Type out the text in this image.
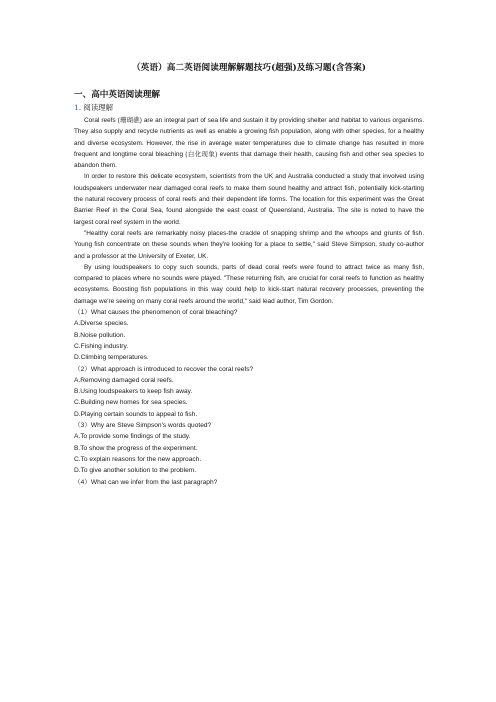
（英语）高二英语阅读理解解题技巧(超强)及练习题(含答案)
一、高中英语阅读理解
1. 阅读理解

Coral reefs (珊瑚礁) are an integral part of sea life and sustain it by providing shelter and habitat to various organisms. They also supply and recycle nutrients as well as enable a growing fish population, along with other species, for a healthy and diverse ecosystem. However, the rise in average water temperatures due to climate change has resulted in more frequent and longtime coral bleaching (白化现象) events that damage their health, causing fish and other sea species to abandon them.

In order to restore this delicate ecosystem, scientists from the UK and Australia conducted a study that involved using loudspeakers underwater near damaged coral reefs to make them sound healthy and attract fish, potentially kick-starting the natural recovery process of coral reefs and their dependent life forms. The location for this experiment was the Great Barrier Reef in the Coral Sea, found alongside the east coast of Queensland, Australia. The site is noted to have the largest coral reef system in the world.

"Healthy coral reefs are remarkably noisy places-the crackle of snapping shrimp and the whoops and grunts of fish. Young fish concentrate on these sounds when they're looking for a place to settle," said Steve Simpson, study co-author and a professor at the University of Exeter, UK.

By using loudspeakers to copy such sounds, parts of dead coral reefs were found to attract twice as many fish, compared to places where no sounds were played. "These returning fish, are crucial for coral reefs to function as healthy ecosystems. Boosting fish populations in this way could help to kick-start natural recovery processes, preventing the damage we're seeing on many coral reefs around the world," said lead author, Tim Gordon.

（1）What causes the phenomenon of coral bleaching?

A.Diverse species.

B.Noise pollution.

C.Fishing industry.

D.Climbing temperatures.

（2）What approach is introduced to recover the coral reefs?

A.Removing damaged coral reefs.

B.Using loudspeakers to keep fish away.

C.Building new homes for sea species.

D.Playing certain sounds to appeal to fish.

（3）Why are Steve Simpson's words quoted?

A.To provide some findings of the study.

B.To show the progress of the experiment.

C.To explain reasons for the new approach.

D.To give another solution to the problem.

（4）What can we infer from the last paragraph?
